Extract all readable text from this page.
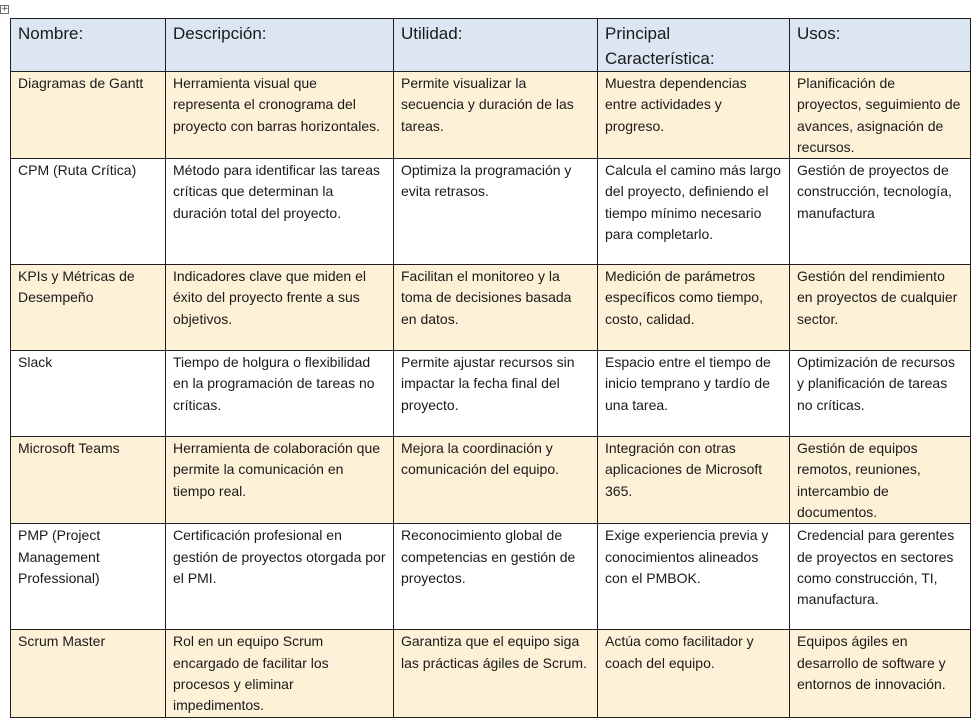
+
Nombre:	Descripción:	Utilidad:	Principal Característica:	Usos:
Diagramas de Gantt	Herramienta visual que representa el cronograma del proyecto con barras horizontales.	Permite visualizar la secuencia y duración de las tareas.	Muestra dependencias entre actividades y progreso.	Planificación de proyectos, seguimiento de avances, asignación de recursos.
CPM (Ruta Crítica)	Método para identificar las tareas críticas que determinan la duración total del proyecto.	Optimiza la programación y evita retrasos.	Calcula el camino más largo del proyecto, definiendo el tiempo mínimo necesario para completarlo.	Gestión de proyectos de construcción, tecnología, manufactura
KPIs y Métricas de Desempeño	Indicadores clave que miden el éxito del proyecto frente a sus objetivos.	Facilitan el monitoreo y la toma de decisiones basada en datos.	Medición de parámetros específicos como tiempo, costo, calidad.	Gestión del rendimiento en proyectos de cualquier sector.
Slack	Tiempo de holgura o flexibilidad en la programación de tareas no críticas.	Permite ajustar recursos sin impactar la fecha final del proyecto.	Espacio entre el tiempo de inicio temprano y tardío de una tarea.	Optimización de recursos y planificación de tareas no críticas.
Microsoft Teams	Herramienta de colaboración que permite la comunicación en tiempo real.	Mejora la coordinación y comunicación del equipo.	Integración con otras aplicaciones de Microsoft 365.	Gestión de equipos remotos, reuniones, intercambio de documentos.
PMP (Project Management Professional)	Certificación profesional en gestión de proyectos otorgada por el PMI.	Reconocimiento global de competencias en gestión de proyectos.	Exige experiencia previa y conocimientos alineados con el PMBOK.	Credencial para gerentes de proyectos en sectores como construcción, TI, manufactura.
Scrum Master	Rol en un equipo Scrum encargado de facilitar los procesos y eliminar impedimentos.	Garantiza que el equipo siga las prácticas ágiles de Scrum.	Actúa como facilitador y coach del equipo.	Equipos ágiles en desarrollo de software y entornos de innovación.
